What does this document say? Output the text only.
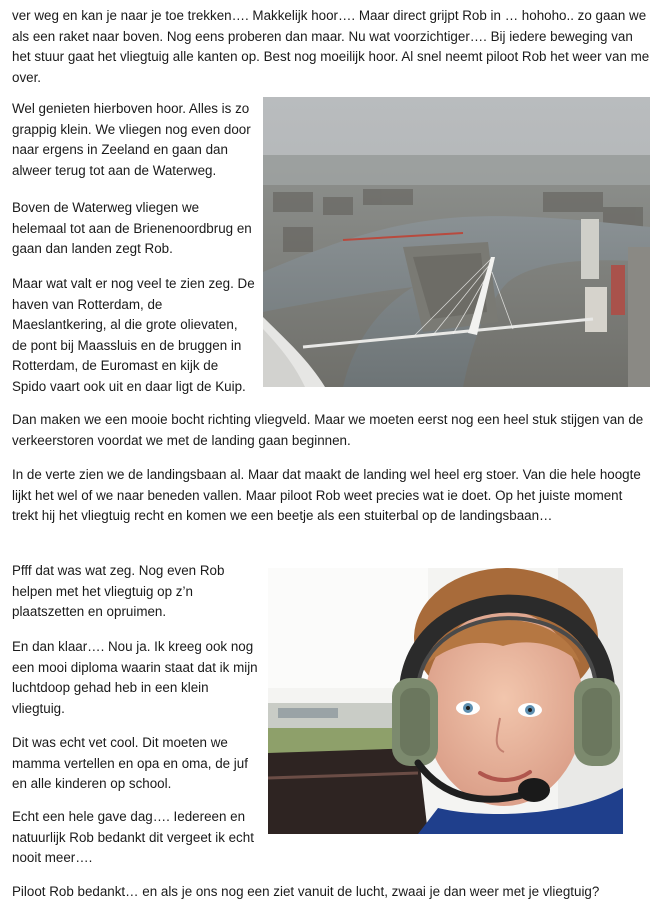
ver weg en kan je naar je toe trekken…. Makkelijk hoor…. Maar direct grijpt Rob in … hohoho.. zo gaan we als een raket naar boven. Nog eens proberen dan maar. Nu wat voorzichtiger…. Bij iedere beweging van het stuur gaat het vliegtuig alle kanten op. Best nog moeilijk hoor. Al snel neemt piloot Rob het weer van me over.

Wel genieten hierboven hoor. Alles is zo grappig klein. We vliegen nog even door naar ergens in Zeeland en gaan dan alweer terug tot aan de Waterweg.

Boven de Waterweg vliegen we helemaal tot aan de Brienenoordbrug en gaan dan landen zegt Rob.

Maar wat valt er nog veel te zien zeg. De haven van Rotterdam, de Maeslantkering, al die grote olievaten, de pont bij Maassluis en de bruggen in Rotterdam, de Euromast en kijk de Spido vaart ook uit en daar ligt de Kuip.

Dan maken we een mooie bocht richting vliegveld. Maar we moeten eerst nog een heel stuk stijgen van de verkeerstoren voordat we met de landing gaan beginnen.

In de verte zien we de landingsbaan al. Maar dat maakt de landing wel heel erg stoer. Van die hele hoogte lijkt het wel of we naar beneden vallen. Maar piloot Rob weet precies wat ie doet. Op het juiste moment trekt hij het vliegtuig recht en komen we een beetje als een stuiterbal op de landingsbaan…

Pfff dat was wat zeg. Nog even Rob helpen met het vliegtuig op z’n plaatszetten en opruimen.

En dan klaar…. Nou ja. Ik kreeg ook nog een mooi diploma waarin staat dat ik mijn luchtdoop gehad heb in een klein vliegtuig.

Dit was echt vet cool. Dit moeten we mamma vertellen en opa en oma, de juf en alle kinderen op school.

Echt een hele gave dag…. Iedereen en natuurlijk Rob bedankt dit vergeet ik echt nooit meer….

Piloot Rob bedankt… en als je ons nog een ziet vanuit de lucht, zwaai je dan weer met je vliegtuig?
